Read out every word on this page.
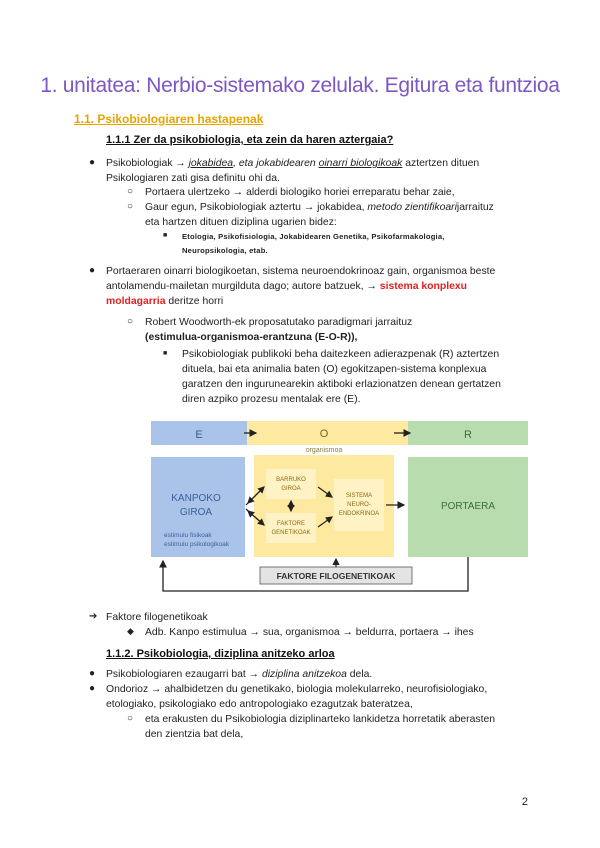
1. unitatea: Nerbio-sistemako zelulak. Egitura eta funtzioa
1.1. Psikobiologiaren hastapenak
1.1.1 Zer da psikobiologia, eta zein da haren aztergaia?
● Psikobiologiak → jokabidea, eta jokabidearen oinarri biologikoak aztertzen dituen
Psikologiaren zati gisa definitu ohi da.
○ Portaera ulertzeko → alderdi biologiko horiei erreparatu behar zaie,
○ Gaur egun, Psikobiologiak aztertu → jokabidea, metodo zientifikoarijarraituz
eta hartzen dituen diziplina ugarien bidez:
■ Etologia, Psikofisiologia, Jokabidearen Genetika, Psikofarmakologia,
Neuropsikologia, etab.
● Portaeraren oinarri biologikoetan, sistema neuroendokrinoaz gain, organismoa beste
antolamendu-mailetan murgilduta dago; autore batzuek, → sistema konplexu
moldagarria deritze horri
○ Robert Woodworth-ek proposatutako paradigmari jarraituz
(estimulua-organismoa-erantzuna (E-O-R)),
■ Psikobiologiak publikoki beha daitezkeen adierazpenak (R) aztertzen
dituela, bai eta animalia baten (O) egokitzapen-sistema konplexua
garatzen den ingurunearekin aktiboki erlazionatzen denean gertatzen
diren azpiko prozesu mentalak ere (E).
E	O
organismoa
R
KANPOKO
GIROA
estimulu fisikoak
estimulu psikologikoak
BARRUKO
GIROA
FAKTORE
GENETIKOAK
SISTEMA
NEURO-
ENDOKRINOA
PORTAERA
FAKTORE FILOGENETIKOAK
➔ Faktore filogenetikoak
◆ Adb. Kanpo estimulua → sua, organismoa → beldurra, portaera → ihes
1.1.2. Psikobiologia, diziplina anitzeko arloa
● Psikobiologiaren ezaugarri bat → diziplina anitzekoa dela.
● Ondorioz → ahalbidetzen du genetikako, biologia molekularreko, neurofisiologiako,
etologiako, psikologiako edo antropologiako ezagutzak bateratzea,
○ eta erakusten du Psikobiologia diziplinarteko lankidetza horretatik aberasten
den zientzia bat dela,
2
